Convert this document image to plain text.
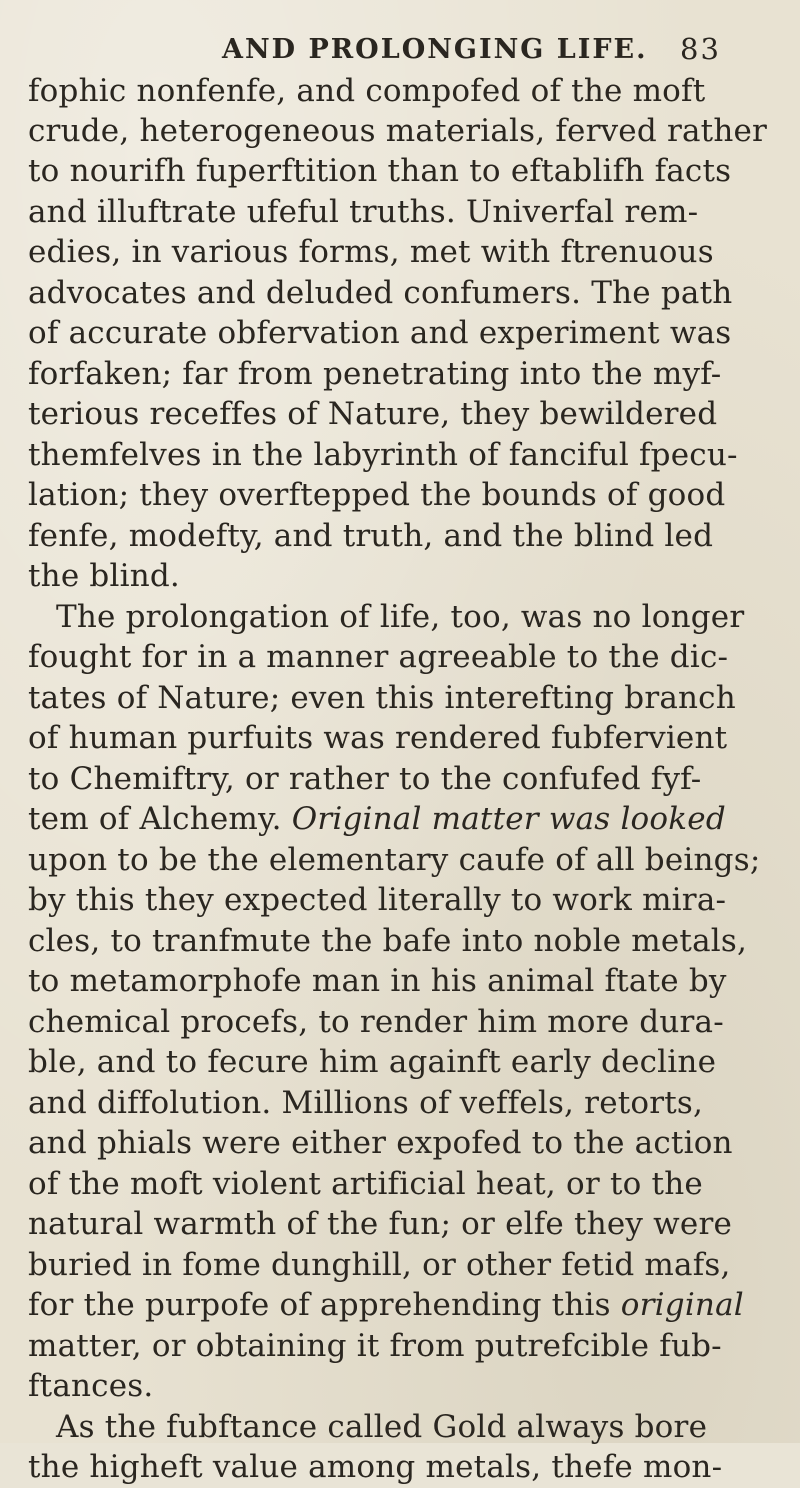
AND PROLONGING LIFE. 83
fophic nonfenfe, and compofed of the moft
crude, heterogeneous materials, ferved rather
to nourifh fuperftition than to eftablifh facts
and illuftrate ufeful truths. Univerfal rem-
edies, in various forms, met with ftrenuous
advocates and deluded confumers. The path
of accurate obfervation and experiment was
forfaken; far from penetrating into the myf-
terious receffes of Nature, they bewildered
themfelves in the labyrinth of fanciful fpecu-
lation; they overftepped the bounds of good
fenfe, modefty, and truth, and the blind led
the blind.
The prolongation of life, too, was no longer
fought for in a manner agreeable to the dic-
tates of Nature; even this interefting branch
of human purfuits was rendered fubfervient
to Chemiftry, or rather to the confufed fyf-
tem of Alchemy. Original matter was looked
upon to be the elementary caufe of all beings;
by this they expected literally to work mira-
cles, to tranfmute the bafe into noble metals,
to metamorphofe man in his animal ftate by
chemical procefs, to render him more dura-
ble, and to fecure him againft early decline
and diffolution. Millions of veffels, retorts,
and phials were either expofed to the action
of the moft violent artificial heat, or to the
natural warmth of the fun; or elfe they were
buried in fome dunghill, or other fetid mafs,
for the purpofe of apprehending this original
matter, or obtaining it from putrefcible fub-
ftances.
As the fubftance called Gold always bore
the higheft value among metals, thefe mon-
